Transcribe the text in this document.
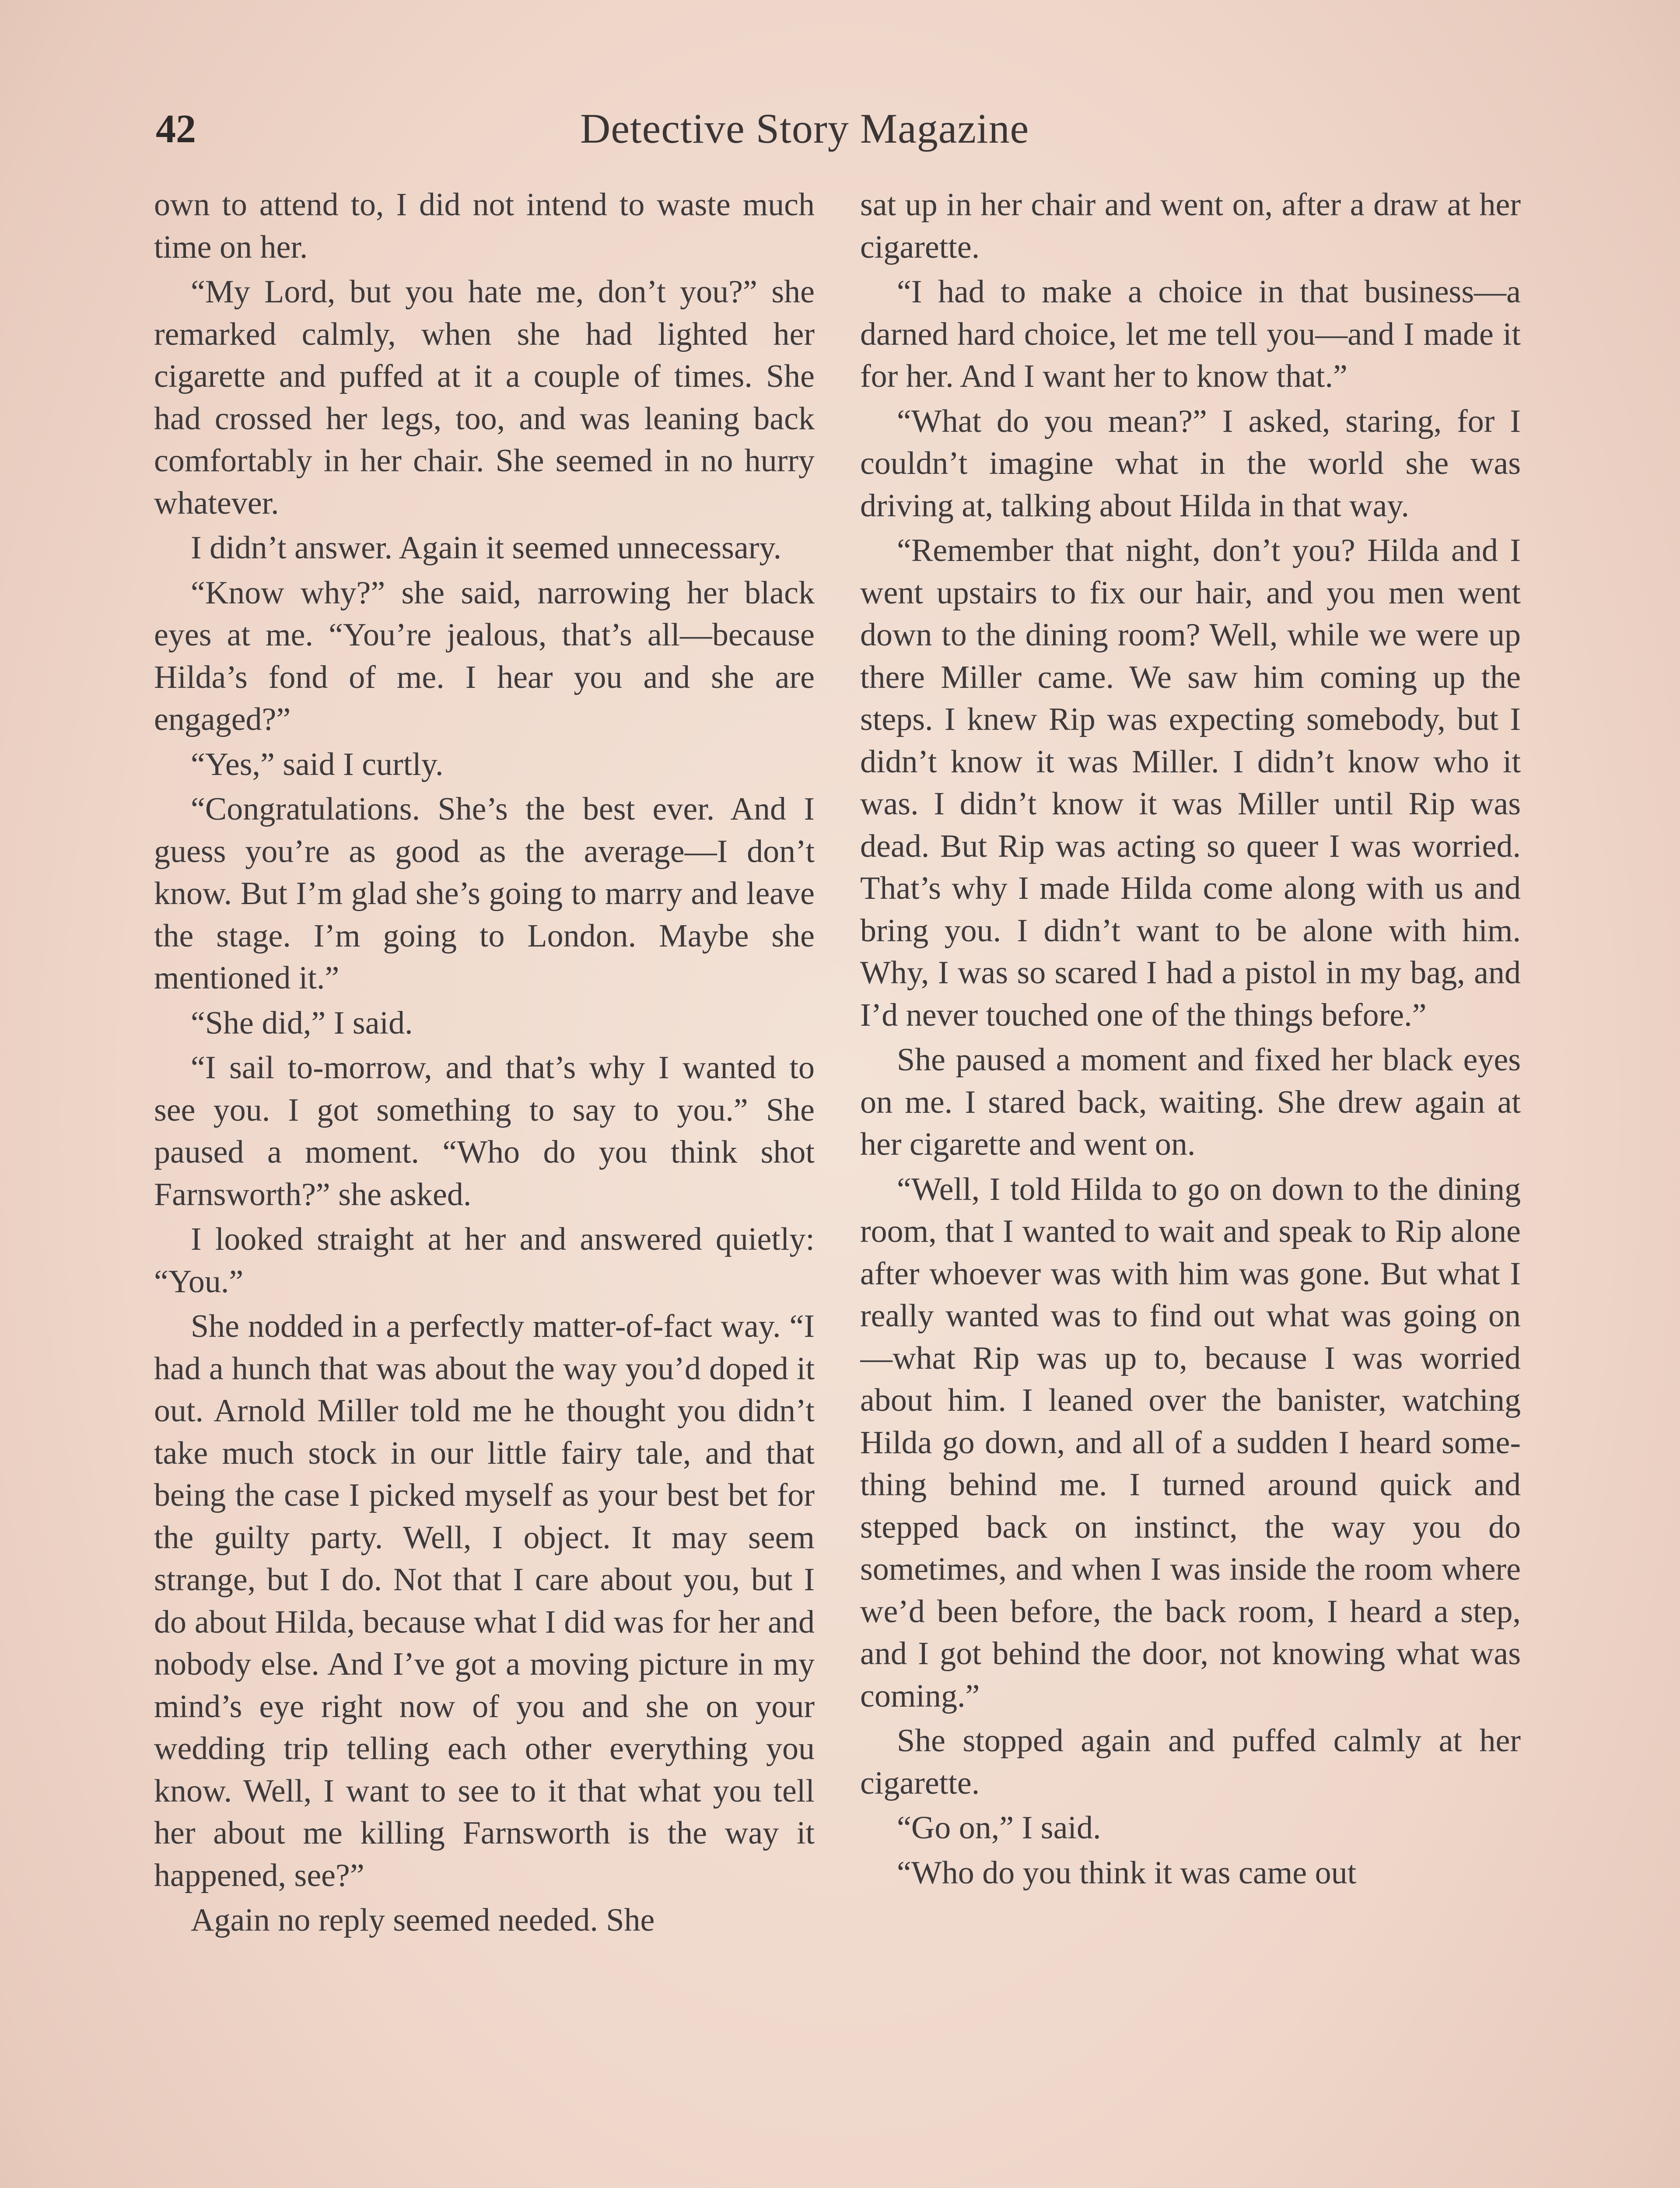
42	Detective Story Magazine

own to attend to, I did not intend to waste much time on her.

“My Lord, but you hate me, don’t you?” she remarked calmly, when she had lighted her cigarette and puffed at it a couple of times. She had crossed her legs, too, and was leaning back comfortably in her chair. She seemed in no hurry whatever.

I didn’t answer. Again it seemed unnecessary.

“Know why?” she said, narrowing her black eyes at me. “You’re jealous, that’s all—because Hilda’s fond of me. I hear you and she are engaged?”

“Yes,” said I curtly.

“Congratulations. She’s the best ever. And I guess you’re as good as the average—I don’t know. But I’m glad she’s going to marry and leave the stage. I’m going to London. Maybe she mentioned it.”

“She did,” I said.

“I sail to-morrow, and that’s why I wanted to see you. I got something to say to you.” She paused a moment. “Who do you think shot Farnsworth?” she asked.

I looked straight at her and answered quietly: “You.”

She nodded in a perfectly matter-of-fact way. “I had a hunch that was about the way you’d doped it out. Arnold Miller told me he thought you didn’t take much stock in our little fairy tale, and that being the case I picked myself as your best bet for the guilty party. Well, I object. It may seem strange, but I do. Not that I care about you, but I do about Hilda, because what I did was for her and nobody else. And I’ve got a moving picture in my mind’s eye right now of you and she on your wedding trip telling each other everything you know. Well, I want to see to it that what you tell her about me killing Farnsworth is the way it happened, see?”

Again no reply seemed needed. She

sat up in her chair and went on, after a draw at her cigarette.

“I had to make a choice in that business—a darned hard choice, let me tell you—and I made it for her. And I want her to know that.”

“What do you mean?” I asked, staring, for I couldn’t imagine what in the world she was driving at, talking about Hilda in that way.

“Remember that night, don’t you? Hilda and I went upstairs to fix our hair, and you men went down to the dining room? Well, while we were up there Miller came. We saw him coming up the steps. I knew Rip was expecting somebody, but I didn’t know it was Miller. I didn’t know who it was. I didn’t know it was Miller until Rip was dead. But Rip was acting so queer I was worried. That’s why I made Hilda come along with us and bring you. I didn’t want to be alone with him. Why, I was so scared I had a pistol in my bag, and I’d never touched one of the things before.”

She paused a moment and fixed her black eyes on me. I stared back, waiting. She drew again at her cigarette and went on.

“Well, I told Hilda to go on down to the dining room, that I wanted to wait and speak to Rip alone after whoever was with him was gone. But what I really wanted was to find out what was going on—what Rip was up to, because I was worried about him. I leaned over the banister, watching Hilda go down, and all of a sudden I heard something behind me. I turned around quick and stepped back on instinct, the way you do sometimes, and when I was inside the room where we’d been before, the back room, I heard a step, and I got behind the door, not knowing what was coming.”

She stopped again and puffed calmly at her cigarette.

“Go on,” I said.

“Who do you think it was came out
